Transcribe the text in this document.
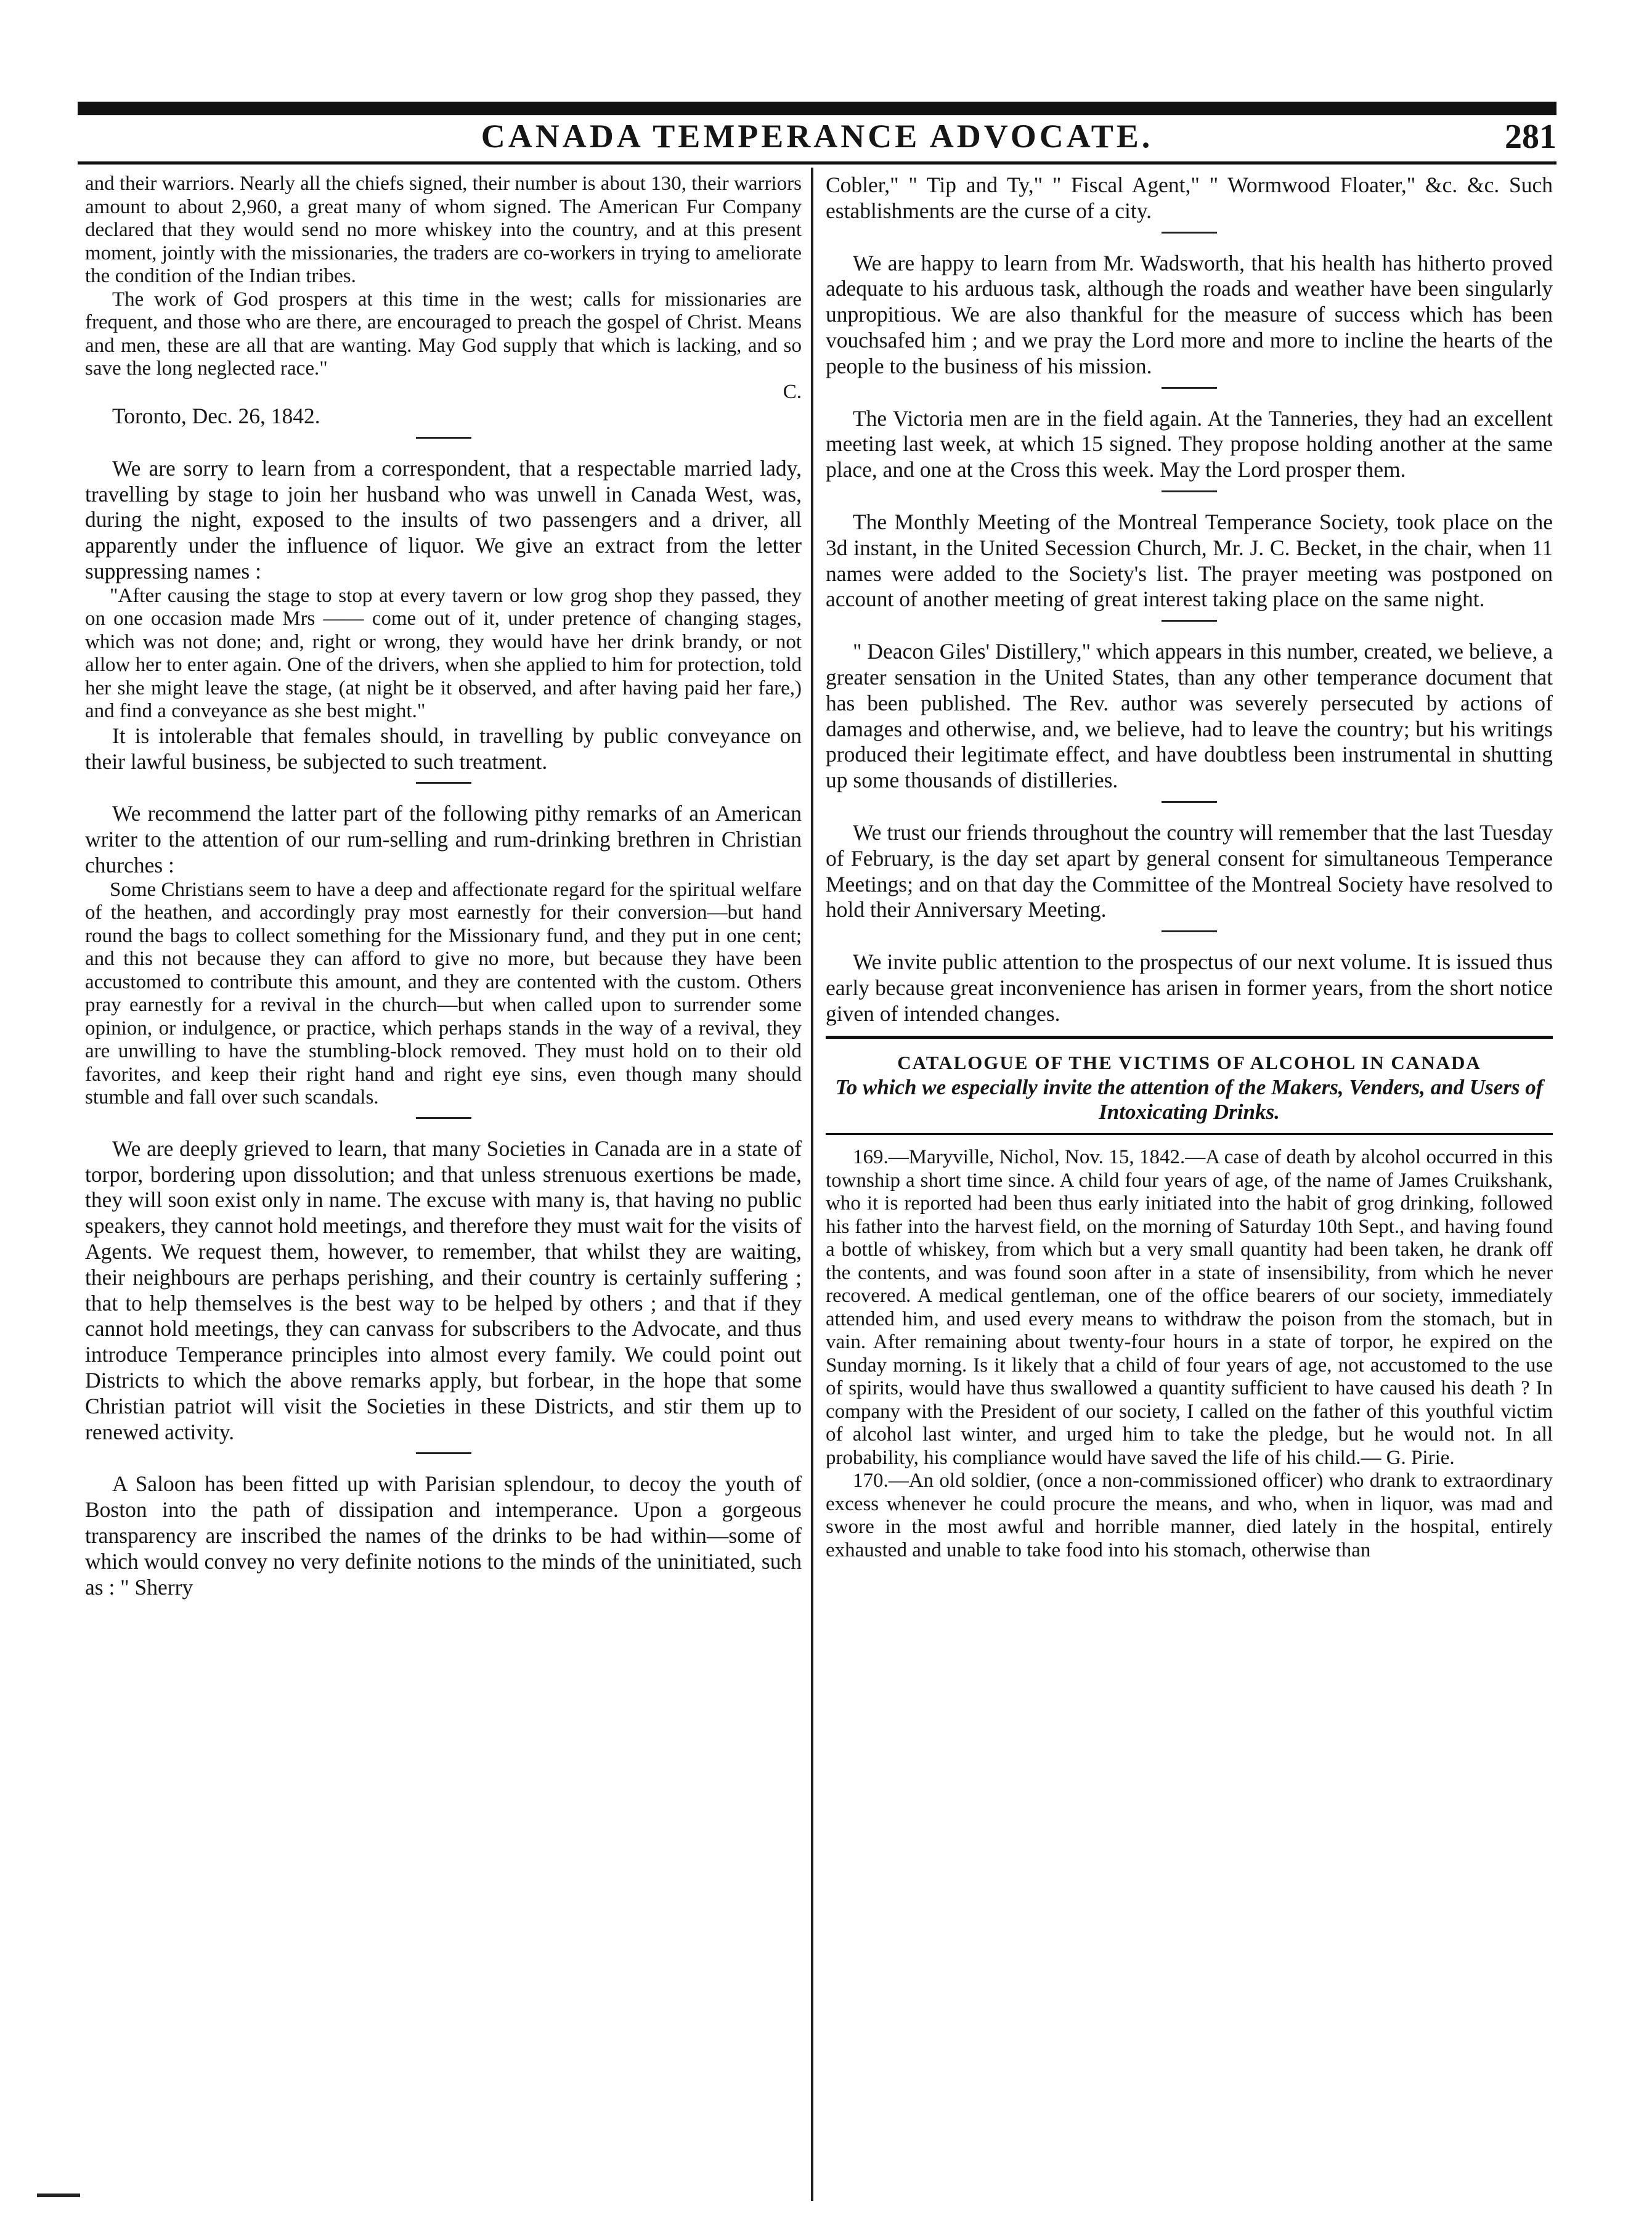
CANADA TEMPERANCE ADVOCATE.	281

and their warriors. Nearly all the chiefs signed, their number is about 130, their warriors amount to about 2,960, a great many of whom signed. The American Fur Company declared that they would send no more whiskey into the country, and at this present moment, jointly with the missionaries, the traders are co-workers in trying to ameliorate the condition of the Indian tribes.

The work of God prospers at this time in the west; calls for missionaries are frequent, and those who are there, are encouraged to preach the gospel of Christ. Means and men, these are all that are wanting. May God supply that which is lacking, and so save the long neglected race."

C.

Toronto, Dec. 26, 1842.

We are sorry to learn from a correspondent, that a respectable married lady, travelling by stage to join her husband who was unwell in Canada West, was, during the night, exposed to the insults of two passengers and a driver, all apparently under the influence of liquor. We give an extract from the letter suppressing names :

"After causing the stage to stop at every tavern or low grog shop they passed, they on one occasion made Mrs —— come out of it, under pretence of changing stages, which was not done; and, right or wrong, they would have her drink brandy, or not allow her to enter again. One of the drivers, when she applied to him for protection, told her she might leave the stage, (at night be it observed, and after having paid her fare,) and find a conveyance as she best might."

It is intolerable that females should, in travelling by public conveyance on their lawful business, be subjected to such treatment.

We recommend the latter part of the following pithy remarks of an American writer to the attention of our rum-selling and rum-drinking brethren in Christian churches :

Some Christians seem to have a deep and affectionate regard for the spiritual welfare of the heathen, and accordingly pray most earnestly for their conversion—but hand round the bags to collect something for the Missionary fund, and they put in one cent; and this not because they can afford to give no more, but because they have been accustomed to contribute this amount, and they are contented with the custom. Others pray earnestly for a revival in the church—but when called upon to surrender some opinion, or indulgence, or practice, which perhaps stands in the way of a revival, they are unwilling to have the stumbling-block removed. They must hold on to their old favorites, and keep their right hand and right eye sins, even though many should stumble and fall over such scandals.

We are deeply grieved to learn, that many Societies in Canada are in a state of torpor, bordering upon dissolution; and that unless strenuous exertions be made, they will soon exist only in name. The excuse with many is, that having no public speakers, they cannot hold meetings, and therefore they must wait for the visits of Agents. We request them, however, to remember, that whilst they are waiting, their neighbours are perhaps perishing, and their country is certainly suffering ; that to help themselves is the best way to be helped by others ; and that if they cannot hold meetings, they can canvass for subscribers to the Advocate, and thus introduce Temperance principles into almost every family. We could point out Districts to which the above remarks apply, but forbear, in the hope that some Christian patriot will visit the Societies in these Districts, and stir them up to renewed activity.

A Saloon has been fitted up with Parisian splendour, to decoy the youth of Boston into the path of dissipation and intemperance. Upon a gorgeous transparency are inscribed the names of the drinks to be had within—some of which would convey no very definite notions to the minds of the uninitiated, such as : " Sherry

Cobler," " Tip and Ty," " Fiscal Agent," " Wormwood Floater," &c. &c. Such establishments are the curse of a city.

We are happy to learn from Mr. Wadsworth, that his health has hitherto proved adequate to his arduous task, although the roads and weather have been singularly unpropitious. We are also thankful for the measure of success which has been vouchsafed him ; and we pray the Lord more and more to incline the hearts of the people to the business of his mission.

The Victoria men are in the field again. At the Tanneries, they had an excellent meeting last week, at which 15 signed. They propose holding another at the same place, and one at the Cross this week. May the Lord prosper them.

The Monthly Meeting of the Montreal Temperance Society, took place on the 3d instant, in the United Secession Church, Mr. J. C. Becket, in the chair, when 11 names were added to the Society's list. The prayer meeting was postponed on account of another meeting of great interest taking place on the same night.

" Deacon Giles' Distillery," which appears in this number, created, we believe, a greater sensation in the United States, than any other temperance document that has been published. The Rev. author was severely persecuted by actions of damages and otherwise, and, we believe, had to leave the country; but his writings produced their legitimate effect, and have doubtless been instrumental in shutting up some thousands of distilleries.

We trust our friends throughout the country will remember that the last Tuesday of February, is the day set apart by general consent for simultaneous Temperance Meetings; and on that day the Committee of the Montreal Society have resolved to hold their Anniversary Meeting.

We invite public attention to the prospectus of our next volume. It is issued thus early because great inconvenience has arisen in former years, from the short notice given of intended changes.

CATALOGUE OF THE VICTIMS OF ALCOHOL IN CANADA

To which we especially invite the attention of the Makers, Venders, and Users of Intoxicating Drinks.

169.—Maryville, Nichol, Nov. 15, 1842.—A case of death by alcohol occurred in this township a short time since. A child four years of age, of the name of James Cruikshank, who it is reported had been thus early initiated into the habit of grog drinking, followed his father into the harvest field, on the morning of Saturday 10th Sept., and having found a bottle of whiskey, from which but a very small quantity had been taken, he drank off the contents, and was found soon after in a state of insensibility, from which he never recovered. A medical gentleman, one of the office bearers of our society, immediately attended him, and used every means to withdraw the poison from the stomach, but in vain. After remaining about twenty-four hours in a state of torpor, he expired on the Sunday morning. Is it likely that a child of four years of age, not accustomed to the use of spirits, would have thus swallowed a quantity sufficient to have caused his death ? In company with the President of our society, I called on the father of this youthful victim of alcohol last winter, and urged him to take the pledge, but he would not. In all probability, his compliance would have saved the life of his child.— G. Pirie.

170.—An old soldier, (once a non-commissioned officer) who drank to extraordinary excess whenever he could procure the means, and who, when in liquor, was mad and swore in the most awful and horrible manner, died lately in the hospital, entirely exhausted and unable to take food into his stomach, otherwise than
